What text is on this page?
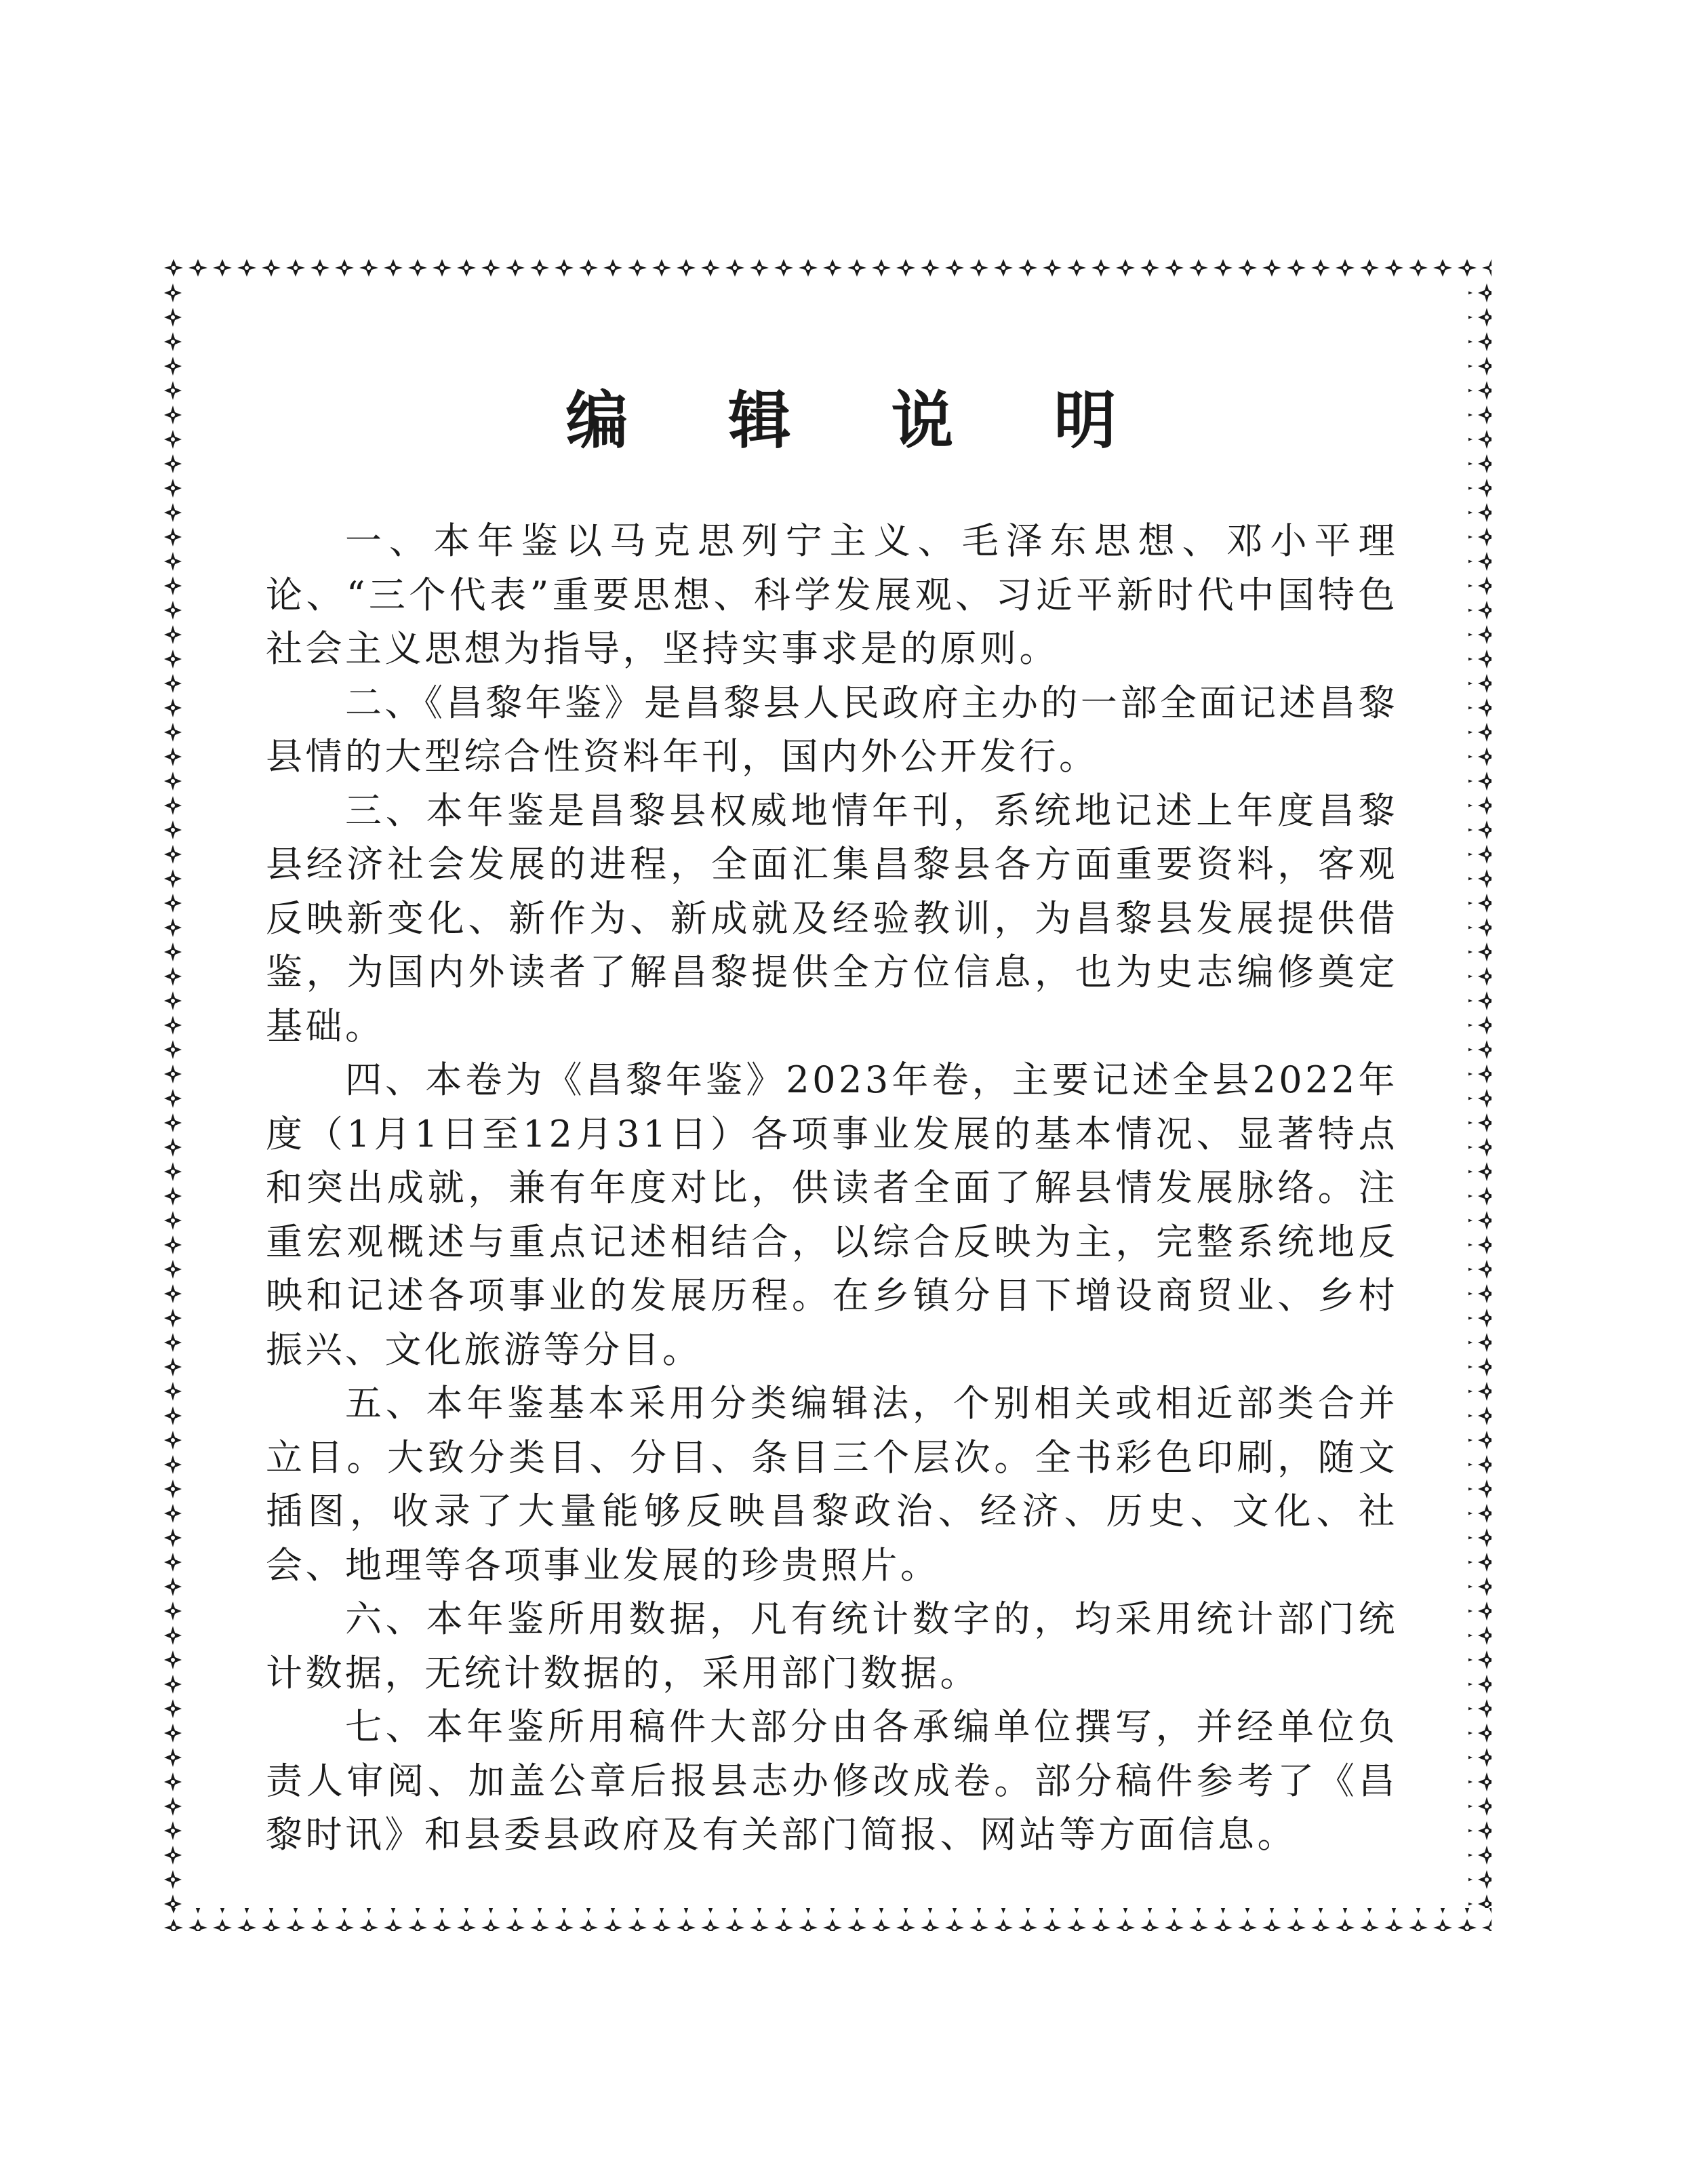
编 辑 说 明

一、本年鉴以马克思列宁主义、毛泽东思想、邓小平理论、“三个代表”重要思想、科学发展观、习近平新时代中国特色社会主义思想为指导，坚持实事求是的原则。

二、《昌黎年鉴》是昌黎县人民政府主办的一部全面记述昌黎县情的大型综合性资料年刊，国内外公开发行。

三、本年鉴是昌黎县权威地情年刊，系统地记述上年度昌黎县经济社会发展的进程，全面汇集昌黎县各方面重要资料，客观反映新变化、新作为、新成就及经验教训，为昌黎县发展提供借鉴，为国内外读者了解昌黎提供全方位信息，也为史志编修奠定基础。

四、本卷为《昌黎年鉴》2023年卷，主要记述全县2022年度（1月1日至12月31日）各项事业发展的基本情况、显著特点和突出成就，兼有年度对比，供读者全面了解县情发展脉络。注重宏观概述与重点记述相结合，以综合反映为主，完整系统地反映和记述各项事业的发展历程。在乡镇分目下增设商贸业、乡村振兴、文化旅游等分目。

五、本年鉴基本采用分类编辑法，个别相关或相近部类合并立目。大致分类目、分目、条目三个层次。全书彩色印刷，随文插图，收录了大量能够反映昌黎政治、经济、历史、文化、社会、地理等各项事业发展的珍贵照片。

六、本年鉴所用数据，凡有统计数字的，均采用统计部门统计数据，无统计数据的，采用部门数据。

七、本年鉴所用稿件大部分由各承编单位撰写，并经单位负责人审阅、加盖公章后报县志办修改成卷。部分稿件参考了《昌黎时讯》和县委县政府及有关部门简报、网站等方面信息。
